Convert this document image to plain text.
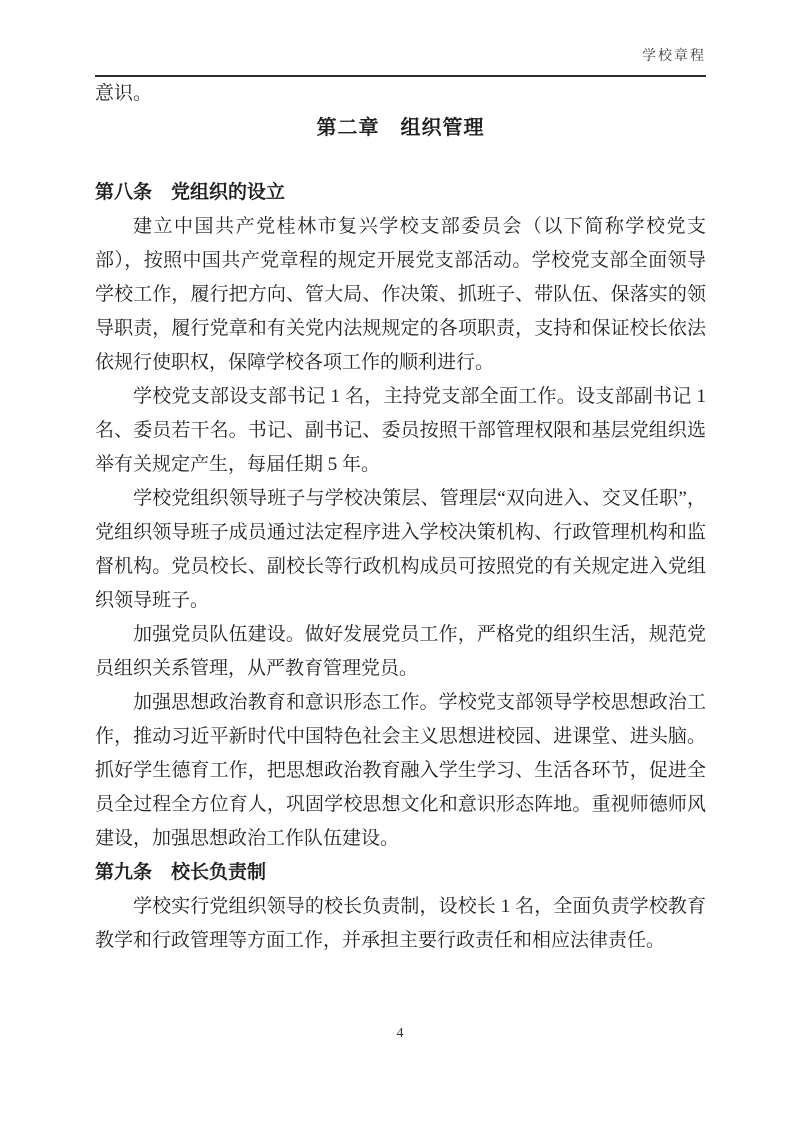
学校章程

意识。

第二章　组织管理
第八条　党组织的设立

建立中国共产党桂林市复兴学校支部委员会（以下简称学校党支部），按照中国共产党章程的规定开展党支部活动。学校党支部全面领导学校工作，履行把方向、管大局、作决策、抓班子、带队伍、保落实的领导职责，履行党章和有关党内法规规定的各项职责，支持和保证校长依法依规行使职权，保障学校各项工作的顺利进行。

学校党支部设支部书记 1 名，主持党支部全面工作。设支部副书记 1 名、委员若干名。书记、副书记、委员按照干部管理权限和基层党组织选举有关规定产生，每届任期 5 年。

学校党组织领导班子与学校决策层、管理层“双向进入、交叉任职”，党组织领导班子成员通过法定程序进入学校决策机构、行政管理机构和监督机构。党员校长、副校长等行政机构成员可按照党的有关规定进入党组织领导班子。

加强党员队伍建设。做好发展党员工作，严格党的组织生活，规范党员组织关系管理，从严教育管理党员。

加强思想政治教育和意识形态工作。学校党支部领导学校思想政治工作，推动习近平新时代中国特色社会主义思想进校园、进课堂、进头脑。抓好学生德育工作，把思想政治教育融入学生学习、生活各环节，促进全员全过程全方位育人，巩固学校思想文化和意识形态阵地。重视师德师风建设，加强思想政治工作队伍建设。

第九条　校长负责制

学校实行党组织领导的校长负责制，设校长 1 名，全面负责学校教育教学和行政管理等方面工作，并承担主要行政责任和相应法律责任。

4
